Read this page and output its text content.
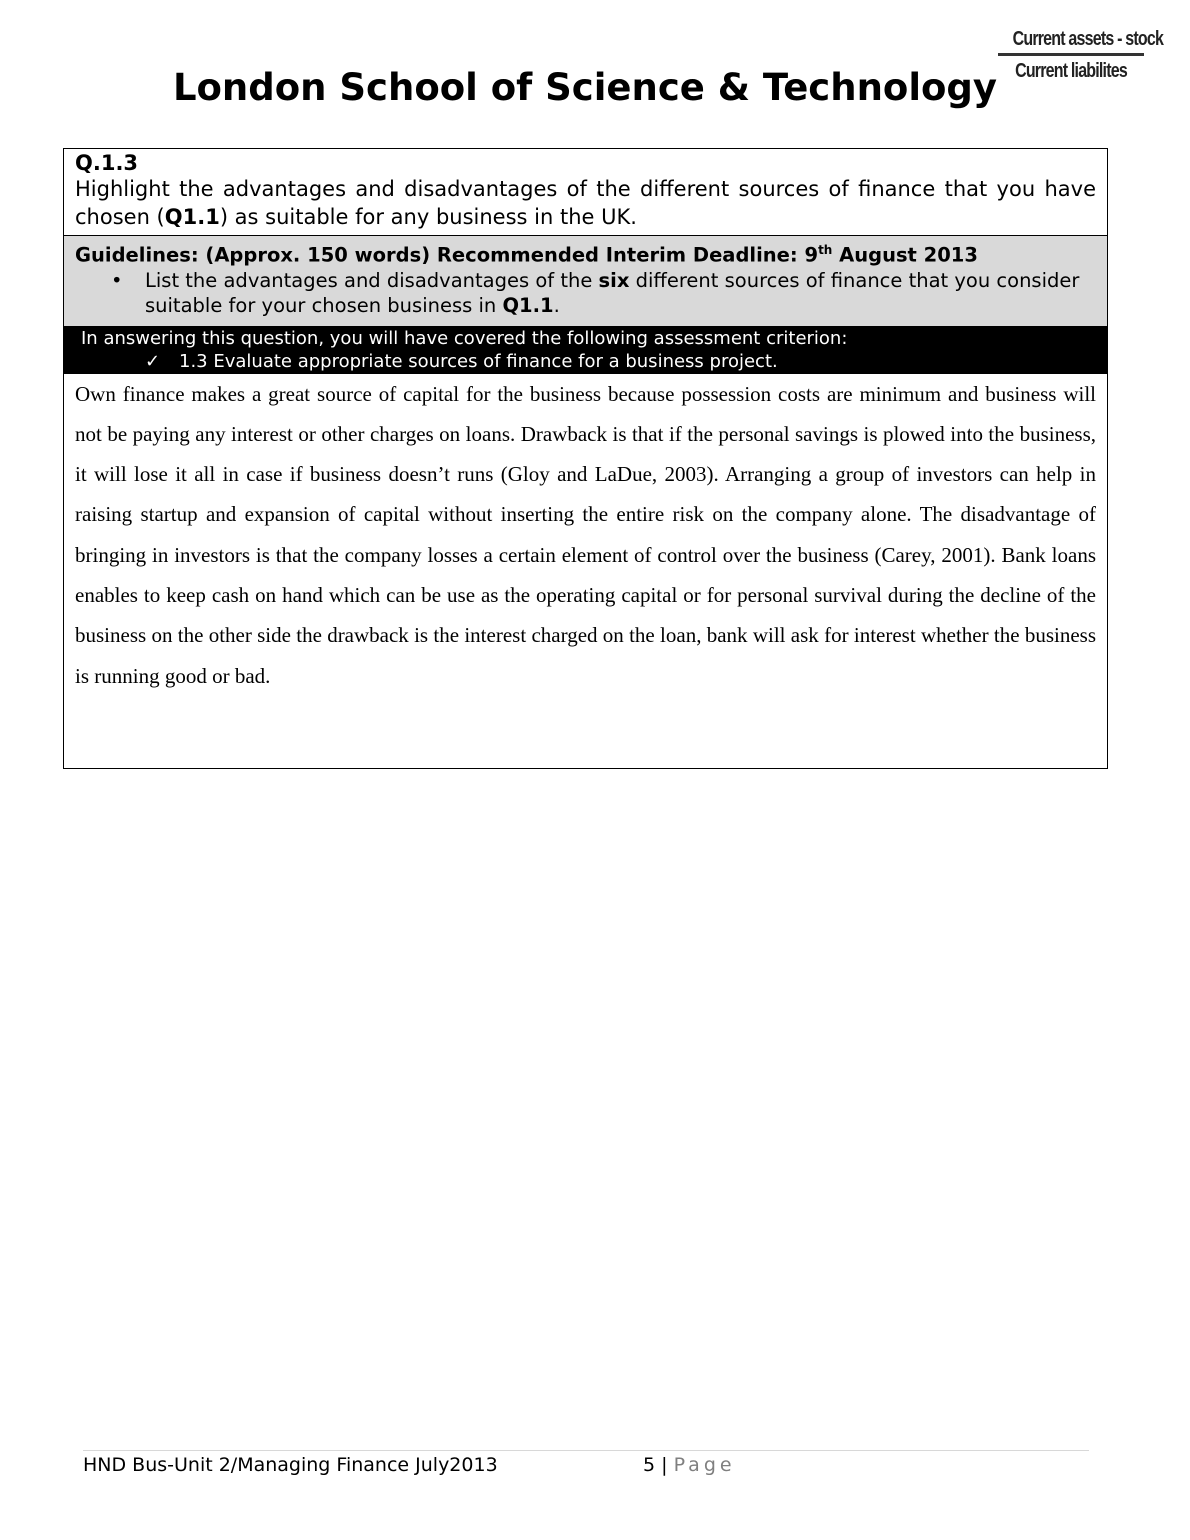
Current assets - stock
Current liabilites
London School of Science & Technology
Q.1.3
Highlight the advantages and disadvantages of the different sources of finance that you have chosen (Q1.1) as suitable for any business in the UK.
Guidelines: (Approx. 150 words) Recommended Interim Deadline: 9th August 2013
• List the advantages and disadvantages of the six different sources of finance that you consider suitable for your chosen business in Q1.1.
In answering this question, you will have covered the following assessment criterion:
✓ 1.3 Evaluate appropriate sources of finance for a business project.
Own finance makes a great source of capital for the business because possession costs are minimum and business will not be paying any interest or other charges on loans. Drawback is that if the personal savings is plowed into the business, it will lose it all in case if business doesn’t runs (Gloy and LaDue, 2003). Arranging a group of investors can help in raising startup and expansion of capital without inserting the entire risk on the company alone. The disadvantage of bringing in investors is that the company losses a certain element of control over the business (Carey, 2001). Bank loans enables to keep cash on hand which can be use as the operating capital or for personal survival during the decline of the business on the other side the drawback is the interest charged on the loan, bank will ask for interest whether the business is running good or bad.
HND Bus-Unit 2/Managing Finance July2013	5 | Page
